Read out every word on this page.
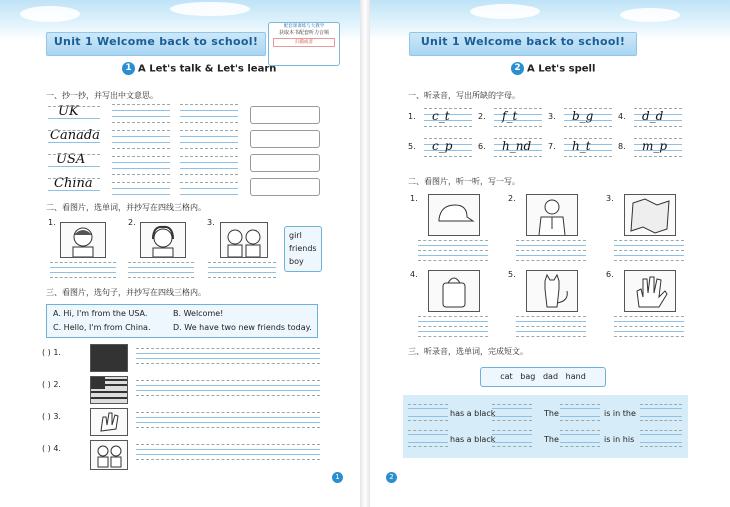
Unit 1 Welcome back to school!
配套课课练与大教学
获取本书配套听力音频
扫描或者
1 A Let's talk & Let's learn
一、抄一抄，并写出中文意思。
UK
Canada
USA
China
二、看图片，选单词，并抄写在四线三格内。
1.	2.	3.
girl
friends
boy
三、看图片，选句子，并抄写在四线三格内。
A. Hi, I'm from the USA.	B. Welcome!
C. Hello, I'm from China.	D. We have two new friends today.
( ) 1.
( ) 2.
( ) 3.
( ) 4.
1
Unit 1 Welcome back to school!
2 A Let's spell
一、听录音，写出所缺的字母。
1. c_t	2. f_t	3. b_g	4. d_d
5. c_p	6. h_nd 7. h_t	8. m_p
二、看图片，听一听，写一写。
1.	2.	3.
4.	5.	6.
三、听录音，选单词，完成短文。
cat   bag   dad   hand
has a black	The	is in the
has a black	The	is in his
2
